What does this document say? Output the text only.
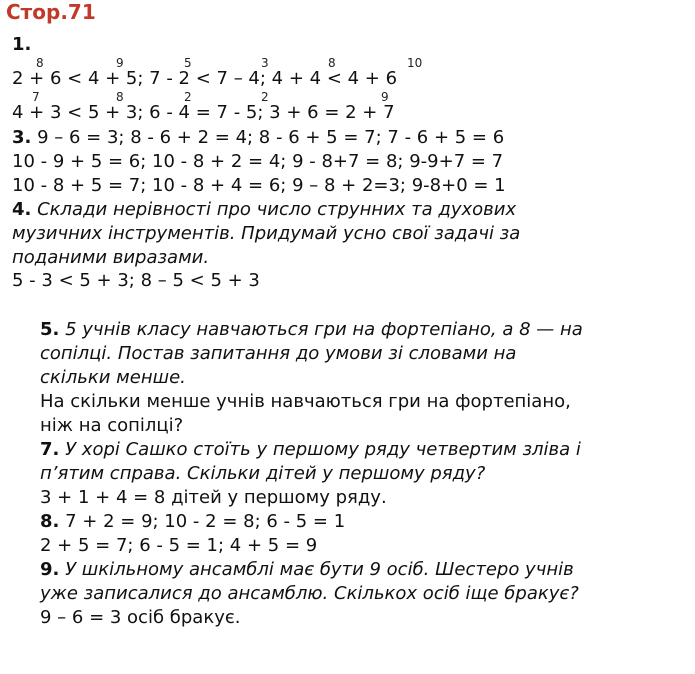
Стор.71
1.
8	9	5	3	8	10
2 + 6 < 4 + 5; 7 - 2 < 7 – 4; 4 + 4 < 4 + 6
7	8	2	2	9
4 + 3 < 5 + 3; 6 - 4 = 7 - 5; 3 + 6 = 2 + 7
3. 9 – 6 = 3; 8 - 6 + 2 = 4; 8 - 6 + 5 = 7; 7 - 6 + 5 = 6
10 - 9 + 5 = 6; 10 - 8 + 2 = 4; 9 - 8+7 = 8; 9-9+7 = 7
10 - 8 + 5 = 7; 10 - 8 + 4 = 6; 9 – 8 + 2=3; 9-8+0 = 1
4. Склади нерівності про число струнних та духових
музичних інструментів. Придумай усно свої задачі за
поданими виразами.
5 - 3 < 5 + 3; 8 – 5 < 5 + 3
5. 5 учнів класу навчаються гри на фортепіано, а 8 — на
сопілці. Постав запитання до умови зі словами на
скільки менше.
На скільки менше учнів навчаються гри на фортепіано,
ніж на сопілці?
7. У хорі Сашко стоїть у першому ряду четвертим зліва і
п’ятим справа. Скільки дітей у першому ряду?
3 + 1 + 4 = 8 дітей у першому ряду.
8. 7 + 2 = 9; 10 - 2 = 8; 6 - 5 = 1
2 + 5 = 7; 6 - 5 = 1; 4 + 5 = 9
9. У шкільному ансамблі має бути 9 осіб. Шестеро учнів
уже записалися до ансамблю. Скількох осіб іще бракує?
9 – 6 = 3 осіб бракує.
